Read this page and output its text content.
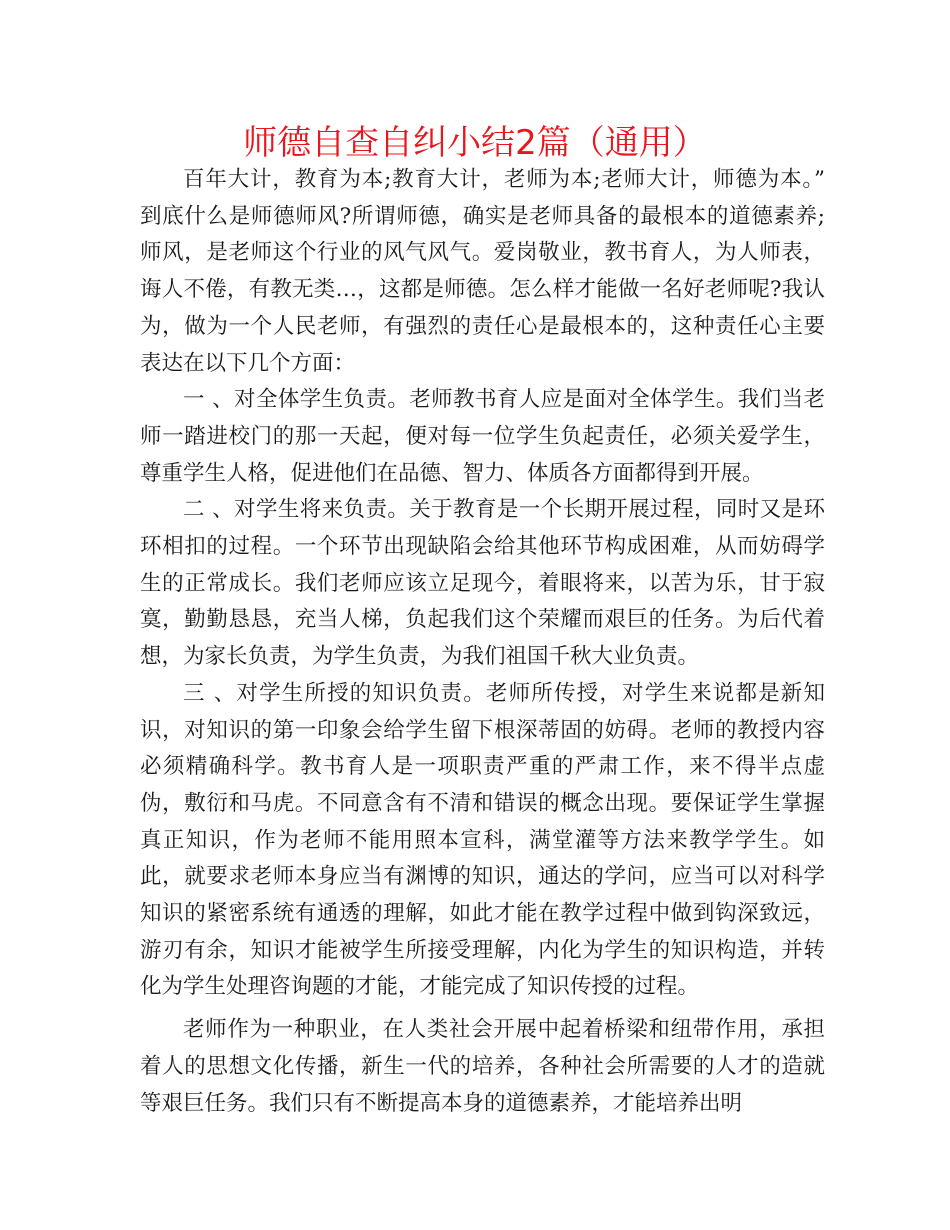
师德自查自纠小结2篇（通用）

百年大计，教育为本;教育大计，老师为本;老师大计，师德为本。” 到底什么是师德师风?所谓师德，确实是老师具备的最根本的道德素养;师风，是老师这个行业的风气风气。爱岗敬业，教书育人，为人师表，诲人不倦，有教无类…，这都是师德。怎么样才能做一名好老师呢?我认为，做为一个人民老师，有强烈的责任心是最根本的，这种责任心主要表达在以下几个方面：

一 、对全体学生负责。老师教书育人应是面对全体学生。我们当老师一踏进校门的那一天起，便对每一位学生负起责任，必须关爱学生，尊重学生人格，促进他们在品德、智力、体质各方面都得到开展。

二 、对学生将来负责。关于教育是一个长期开展过程，同时又是环环相扣的过程。一个环节出现缺陷会给其他环节构成困难，从而妨碍学生的正常成长。我们老师应该立足现今，着眼将来，以苦为乐，甘于寂寞，勤勤恳恳，充当人梯，负起我们这个荣耀而艰巨的任务。为后代着想，为家长负责，为学生负责，为我们祖国千秋大业负责。

三 、对学生所授的知识负责。老师所传授，对学生来说都是新知识，对知识的第一印象会给学生留下根深蒂固的妨碍。老师的教授内容必须精确科学。教书育人是一项职责严重的严肃工作，来不得半点虚伪，敷衍和马虎。不同意含有不清和错误的概念出现。要保证学生掌握真正知识，作为老师不能用照本宣科，满堂灌等方法来教学学生。如此，就要求老师本身应当有渊博的知识，通达的学问，应当可以对科学知识的紧密系统有通透的理解，如此才能在教学过程中做到钩深致远，游刃有余，知识才能被学生所接受理解，内化为学生的知识构造，并转化为学生处理咨询题的才能，才能完成了知识传授的过程。

老师作为一种职业，在人类社会开展中起着桥梁和纽带作用，承担着人的思想文化传播，新生一代的培养，各种社会所需要的人才的造就等艰巨任务。我们只有不断提高本身的道德素养，才能培养出明
